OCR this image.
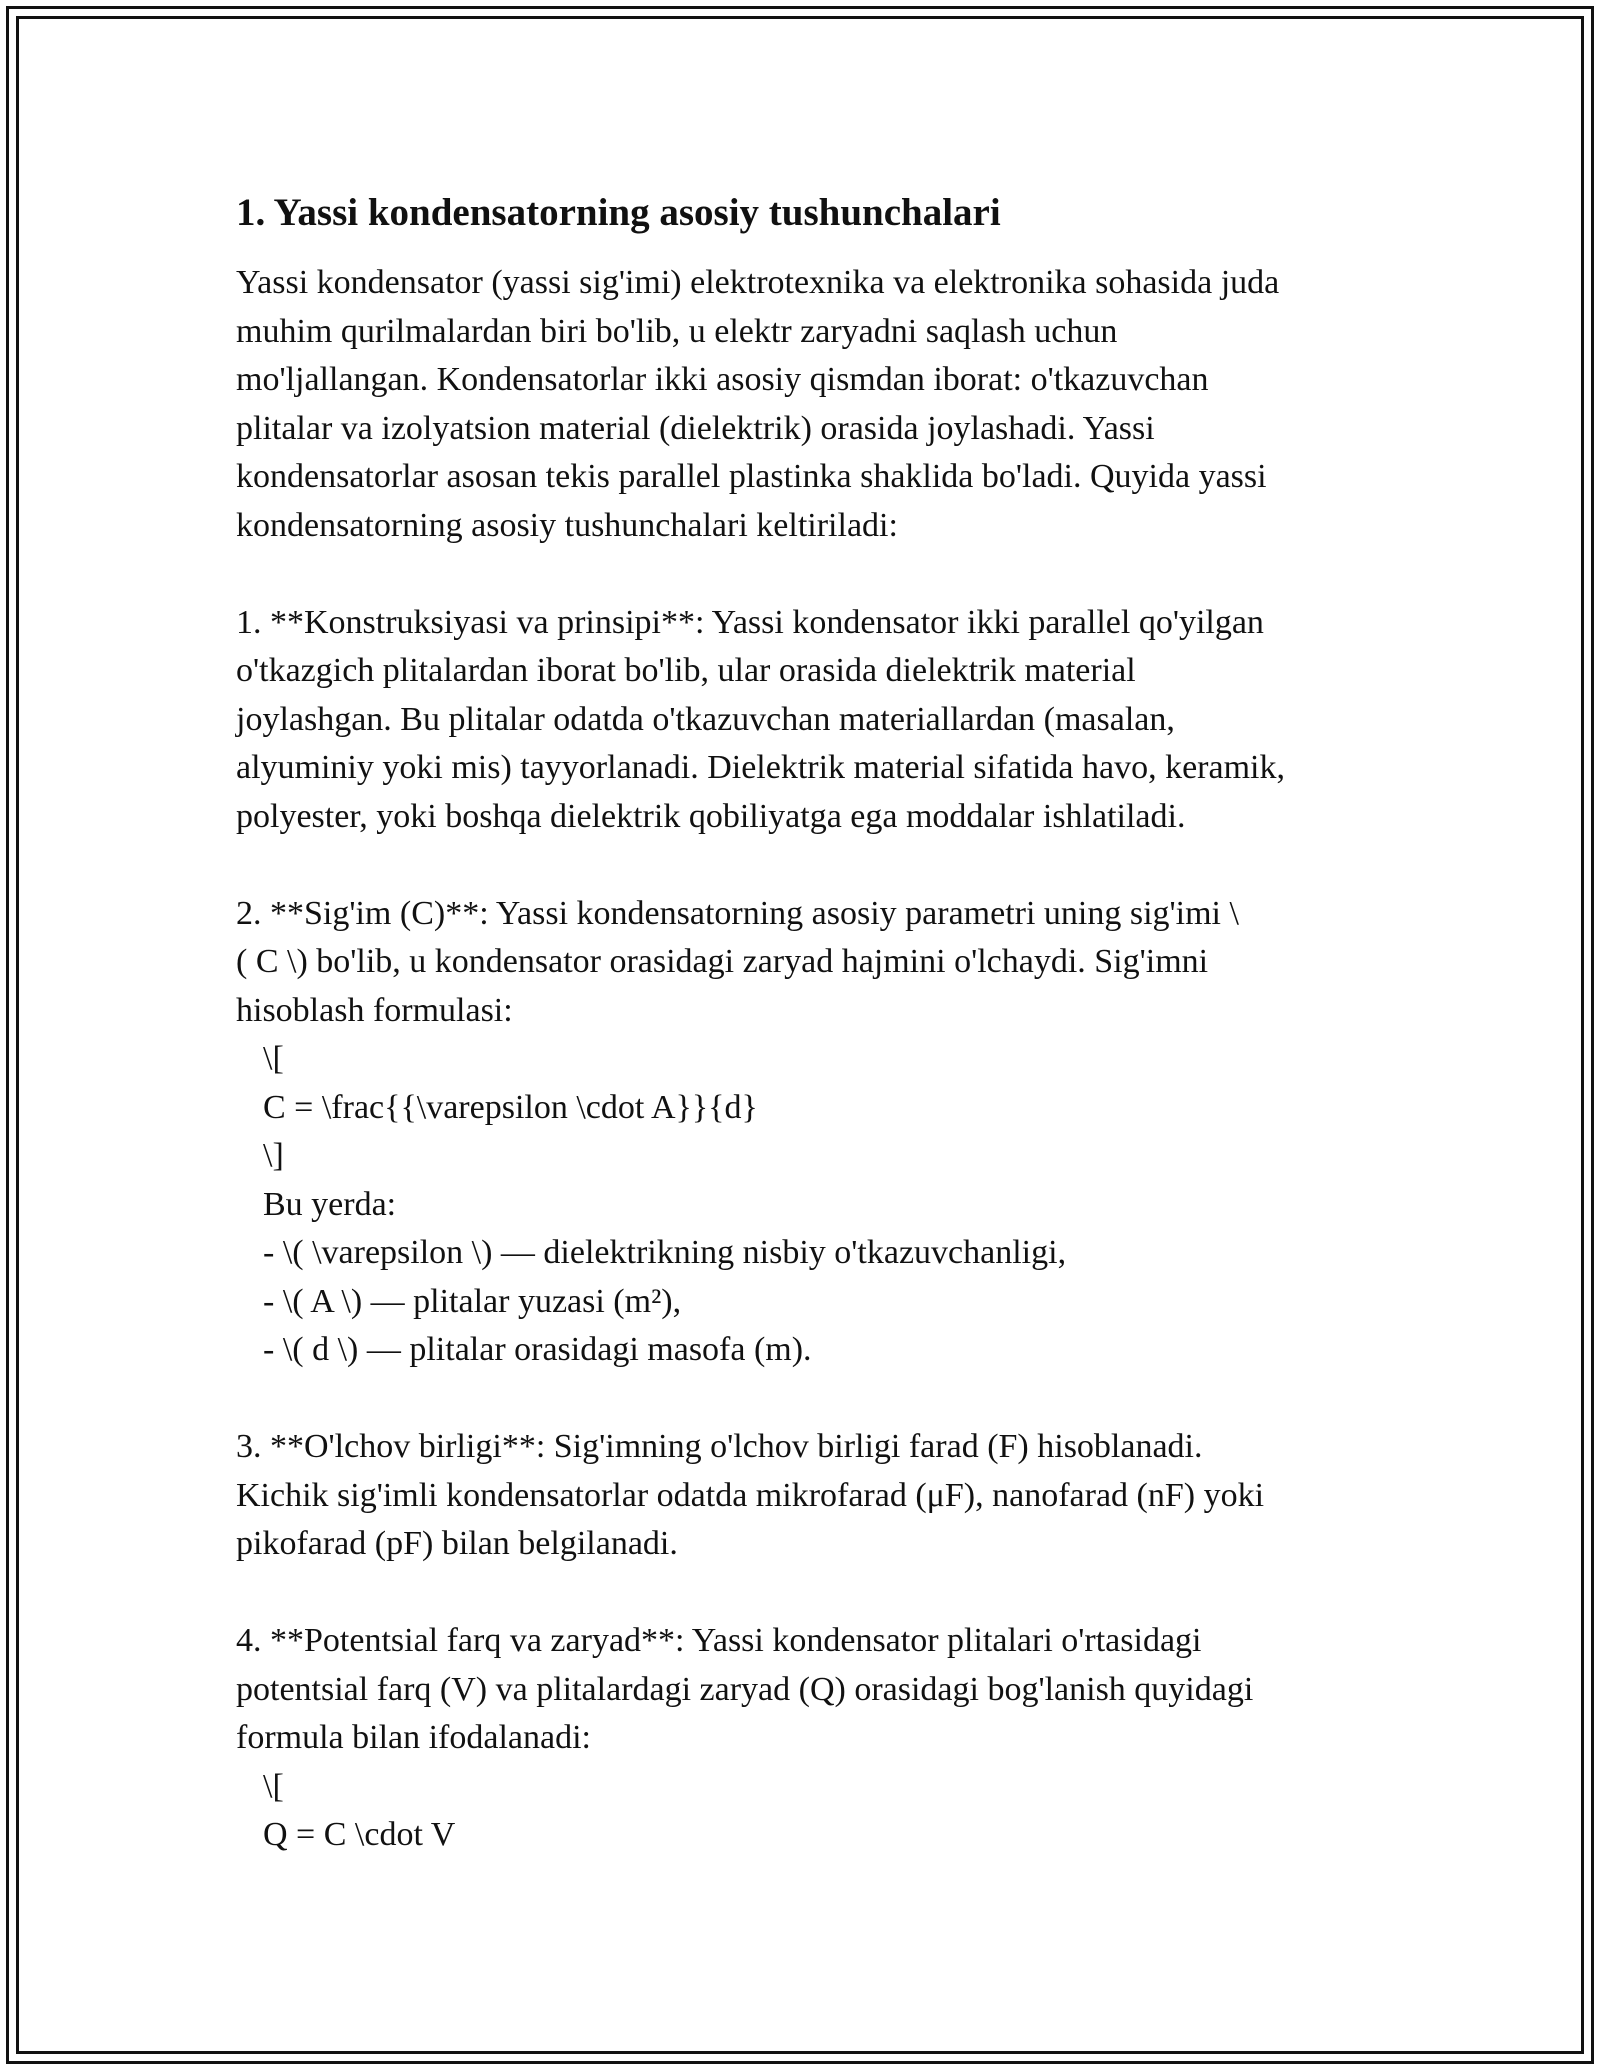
1. Yassi kondensatorning asosiy tushunchalari
Yassi kondensator (yassi sig'imi) elektrotexnika va elektronika sohasida juda
muhim qurilmalardan biri bo'lib, u elektr zaryadni saqlash uchun
mo'ljallangan. Kondensatorlar ikki asosiy qismdan iborat: o'tkazuvchan
plitalar va izolyatsion material (dielektrik) orasida joylashadi. Yassi
kondensatorlar asosan tekis parallel plastinka shaklida bo'ladi. Quyida yassi
kondensatorning asosiy tushunchalari keltiriladi:
1. **Konstruksiyasi va prinsipi**: Yassi kondensator ikki parallel qo'yilgan
o'tkazgich plitalardan iborat bo'lib, ular orasida dielektrik material
joylashgan. Bu plitalar odatda o'tkazuvchan materiallardan (masalan,
alyuminiy yoki mis) tayyorlanadi. Dielektrik material sifatida havo, keramik,
polyester, yoki boshqa dielektrik qobiliyatga ega moddalar ishlatiladi.
2. **Sig'im (C)**: Yassi kondensatorning asosiy parametri uning sig'imi \
( C \) bo'lib, u kondensator orasidagi zaryad hajmini o'lchaydi. Sig'imni
hisoblash formulasi:
\[
C = \frac{{\varepsilon \cdot A}}{d}
\]
Bu yerda:
- \( \varepsilon \) — dielektrikning nisbiy o'tkazuvchanligi,
- \( A \) — plitalar yuzasi (m²),
- \( d \) — plitalar orasidagi masofa (m).
3. **O'lchov birligi**: Sig'imning o'lchov birligi farad (F) hisoblanadi.
Kichik sig'imli kondensatorlar odatda mikrofarad (μF), nanofarad (nF) yoki
pikofarad (pF) bilan belgilanadi.
4. **Potentsial farq va zaryad**: Yassi kondensator plitalari o'rtasidagi
potentsial farq (V) va plitalardagi zaryad (Q) orasidagi bog'lanish quyidagi
formula bilan ifodalanadi:
\[
Q = C \cdot V
